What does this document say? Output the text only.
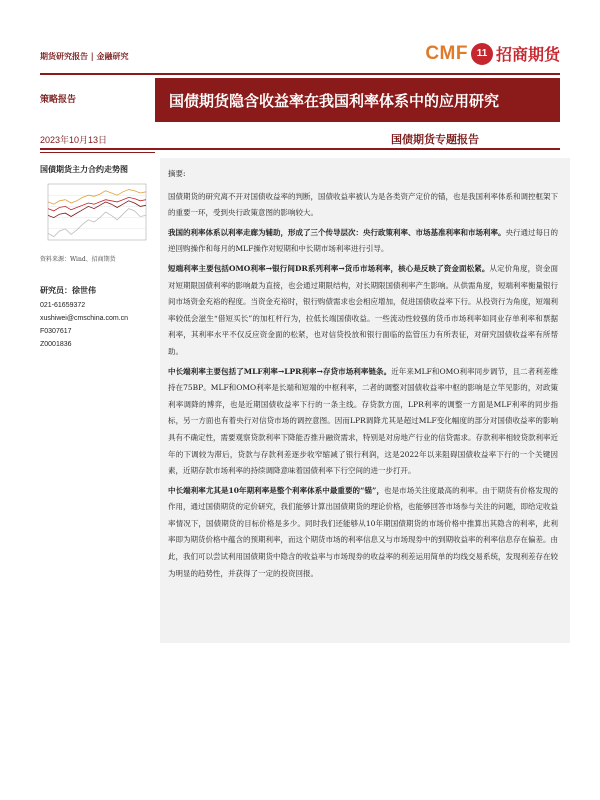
期货研究报告 | 金融研究	CMF 11 招商期货
策略报告	国债期货隐含收益率在我国利率体系中的应用研究
2023年10月13日	国债期货专题报告
国债期货主力合约走势图
资料来源：Wind、招商期货
研究员：徐世伟
021-61659372
xushiwei@cmschina.com.cn
F0307617
Z0001836

摘要:

国债期货的研究离不开对国债收益率的判断，国债收益率被认为是各类资产定价的锚，也是我国利率体系和调控框架下的重要一环，受到央行政策意图的影响较大。

我国的利率体系以利率走廊为辅助，形成了三个传导层次：央行政策利率、市场基准利率和市场利率。央行通过每日的逆回购操作和每月的MLF操作对短期和中长期市场利率进行引导。

短端利率主要包括OMO利率→银行间DR系列利率→货币市场利率，核心是反映了资金面松紧。从定价角度，资金面对短期限国债利率的影响最为直接，也会通过期限结构，对长期限国债利率产生影响。从供需角度，短端利率衡量银行间市场资金充裕的程度。当资金充裕时，银行购债需求也会相应增加，促进国债收益率下行。从投资行为角度，短端利率较低会滋生“借短买长”的加杠杆行为，拉低长端国债收益。一些流动性较强的货币市场利率如同业存单利率和票据利率，其利率水平不仅反应资金面的松紧，也对信贷投放和银行面临的监管压力有所表征，对研究国债收益率有所帮助。

中长端利率主要包括了MLF利率→LPR利率→存贷市场利率链条。近年来MLF和OMO利率同步调节，且二者利差维持在75BP。MLF和OMO利率是长端和短端的中枢利率，二者的调整对国债收益率中枢的影响是立竿见影的，对政策利率调降的博弈，也是近期国债收益率下行的一条主线。存贷款方面，LPR利率的调整一方面是MLF利率的同步指标，另一方面也有着央行对信贷市场的调控意图。因而LPR调降尤其是超过MLF变化幅度的部分对国债收益率的影响具有不确定性，需要观察贷款利率下降能否推升融资需求，特别是对房地产行业的信贷需求。存款利率相较贷款利率近年的下调较为滞后，贷款与存款利差逐步收窄缩减了银行利润，这是2022年以来阻碍国债收益率下行的一个关键因素，近期存款市场利率的持续调降意味着国债利率下行空间的进一步打开。

中长端利率尤其是10年期利率是整个利率体系中最重要的“锚”，也是市场关注度最高的利率。由于期货有价格发现的作用，通过国债期货的定价研究，我们能够计算出国债期货的理论价格，也能够回答市场参与关注的问题，即给定收益率情况下，国债期货的目标价格是多少。同时我们还能够从10年期国债期货的市场价格中推算出其隐含的利率，此利率即为期货价格中蕴含的预期利率，而这个期货市场的利率信息又与市场现券中的到期收益率的利率信息存在偏差。由此，我们可以尝试利用国债期货中隐含的收益率与市场现券的收益率的利差运用简单的均线交易系统，发现利差存在较为明显的趋势性，并获得了一定的投资回报。
